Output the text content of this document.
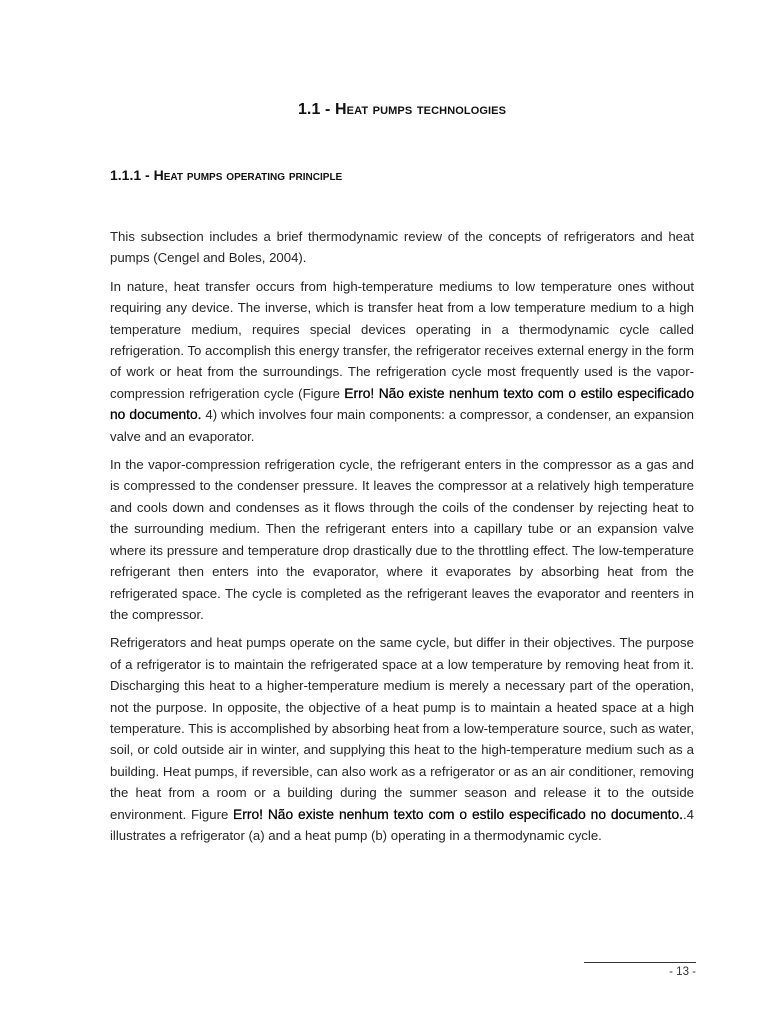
1.1 - Heat pumps technologies
1.1.1 - Heat pumps operating principle

This subsection includes a brief thermodynamic review of the concepts of refrigerators and heat pumps (Cengel and Boles, 2004).

In nature, heat transfer occurs from high-temperature mediums to low temperature ones without requiring any device. The inverse, which is transfer heat from a low temperature medium to a high temperature medium, requires special devices operating in a thermodynamic cycle called refrigeration. To accomplish this energy transfer, the refrigerator receives external energy in the form of work or heat from the surroundings. The refrigeration cycle most frequently used is the vapor-compression refrigeration cycle (Figure Erro! Não existe nenhum texto com o estilo especificado no documento. 4) which involves four main components: a compressor, a condenser, an expansion valve and an evaporator.

In the vapor-compression refrigeration cycle, the refrigerant enters in the compressor as a gas and is compressed to the condenser pressure. It leaves the compressor at a relatively high temperature and cools down and condenses as it flows through the coils of the condenser by rejecting heat to the surrounding medium. Then the refrigerant enters into a capillary tube or an expansion valve where its pressure and temperature drop drastically due to the throttling effect. The low-temperature refrigerant then enters into the evaporator, where it evaporates by absorbing heat from the refrigerated space. The cycle is completed as the refrigerant leaves the evaporator and reenters in the compressor.

Refrigerators and heat pumps operate on the same cycle, but differ in their objectives. The purpose of a refrigerator is to maintain the refrigerated space at a low temperature by removing heat from it. Discharging this heat to a higher-temperature medium is merely a necessary part of the operation, not the purpose. In opposite, the objective of a heat pump is to maintain a heated space at a high temperature. This is accomplished by absorbing heat from a low-temperature source, such as water, soil, or cold outside air in winter, and supplying this heat to the high-temperature medium such as a building. Heat pumps, if reversible, can also work as a refrigerator or as an air conditioner, removing the heat from a room or a building during the summer season and release it to the outside environment. Figure Erro! Não existe nenhum texto com o estilo especificado no documento..4 illustrates a refrigerator (a) and a heat pump (b) operating in a thermodynamic cycle.

- 13 -
